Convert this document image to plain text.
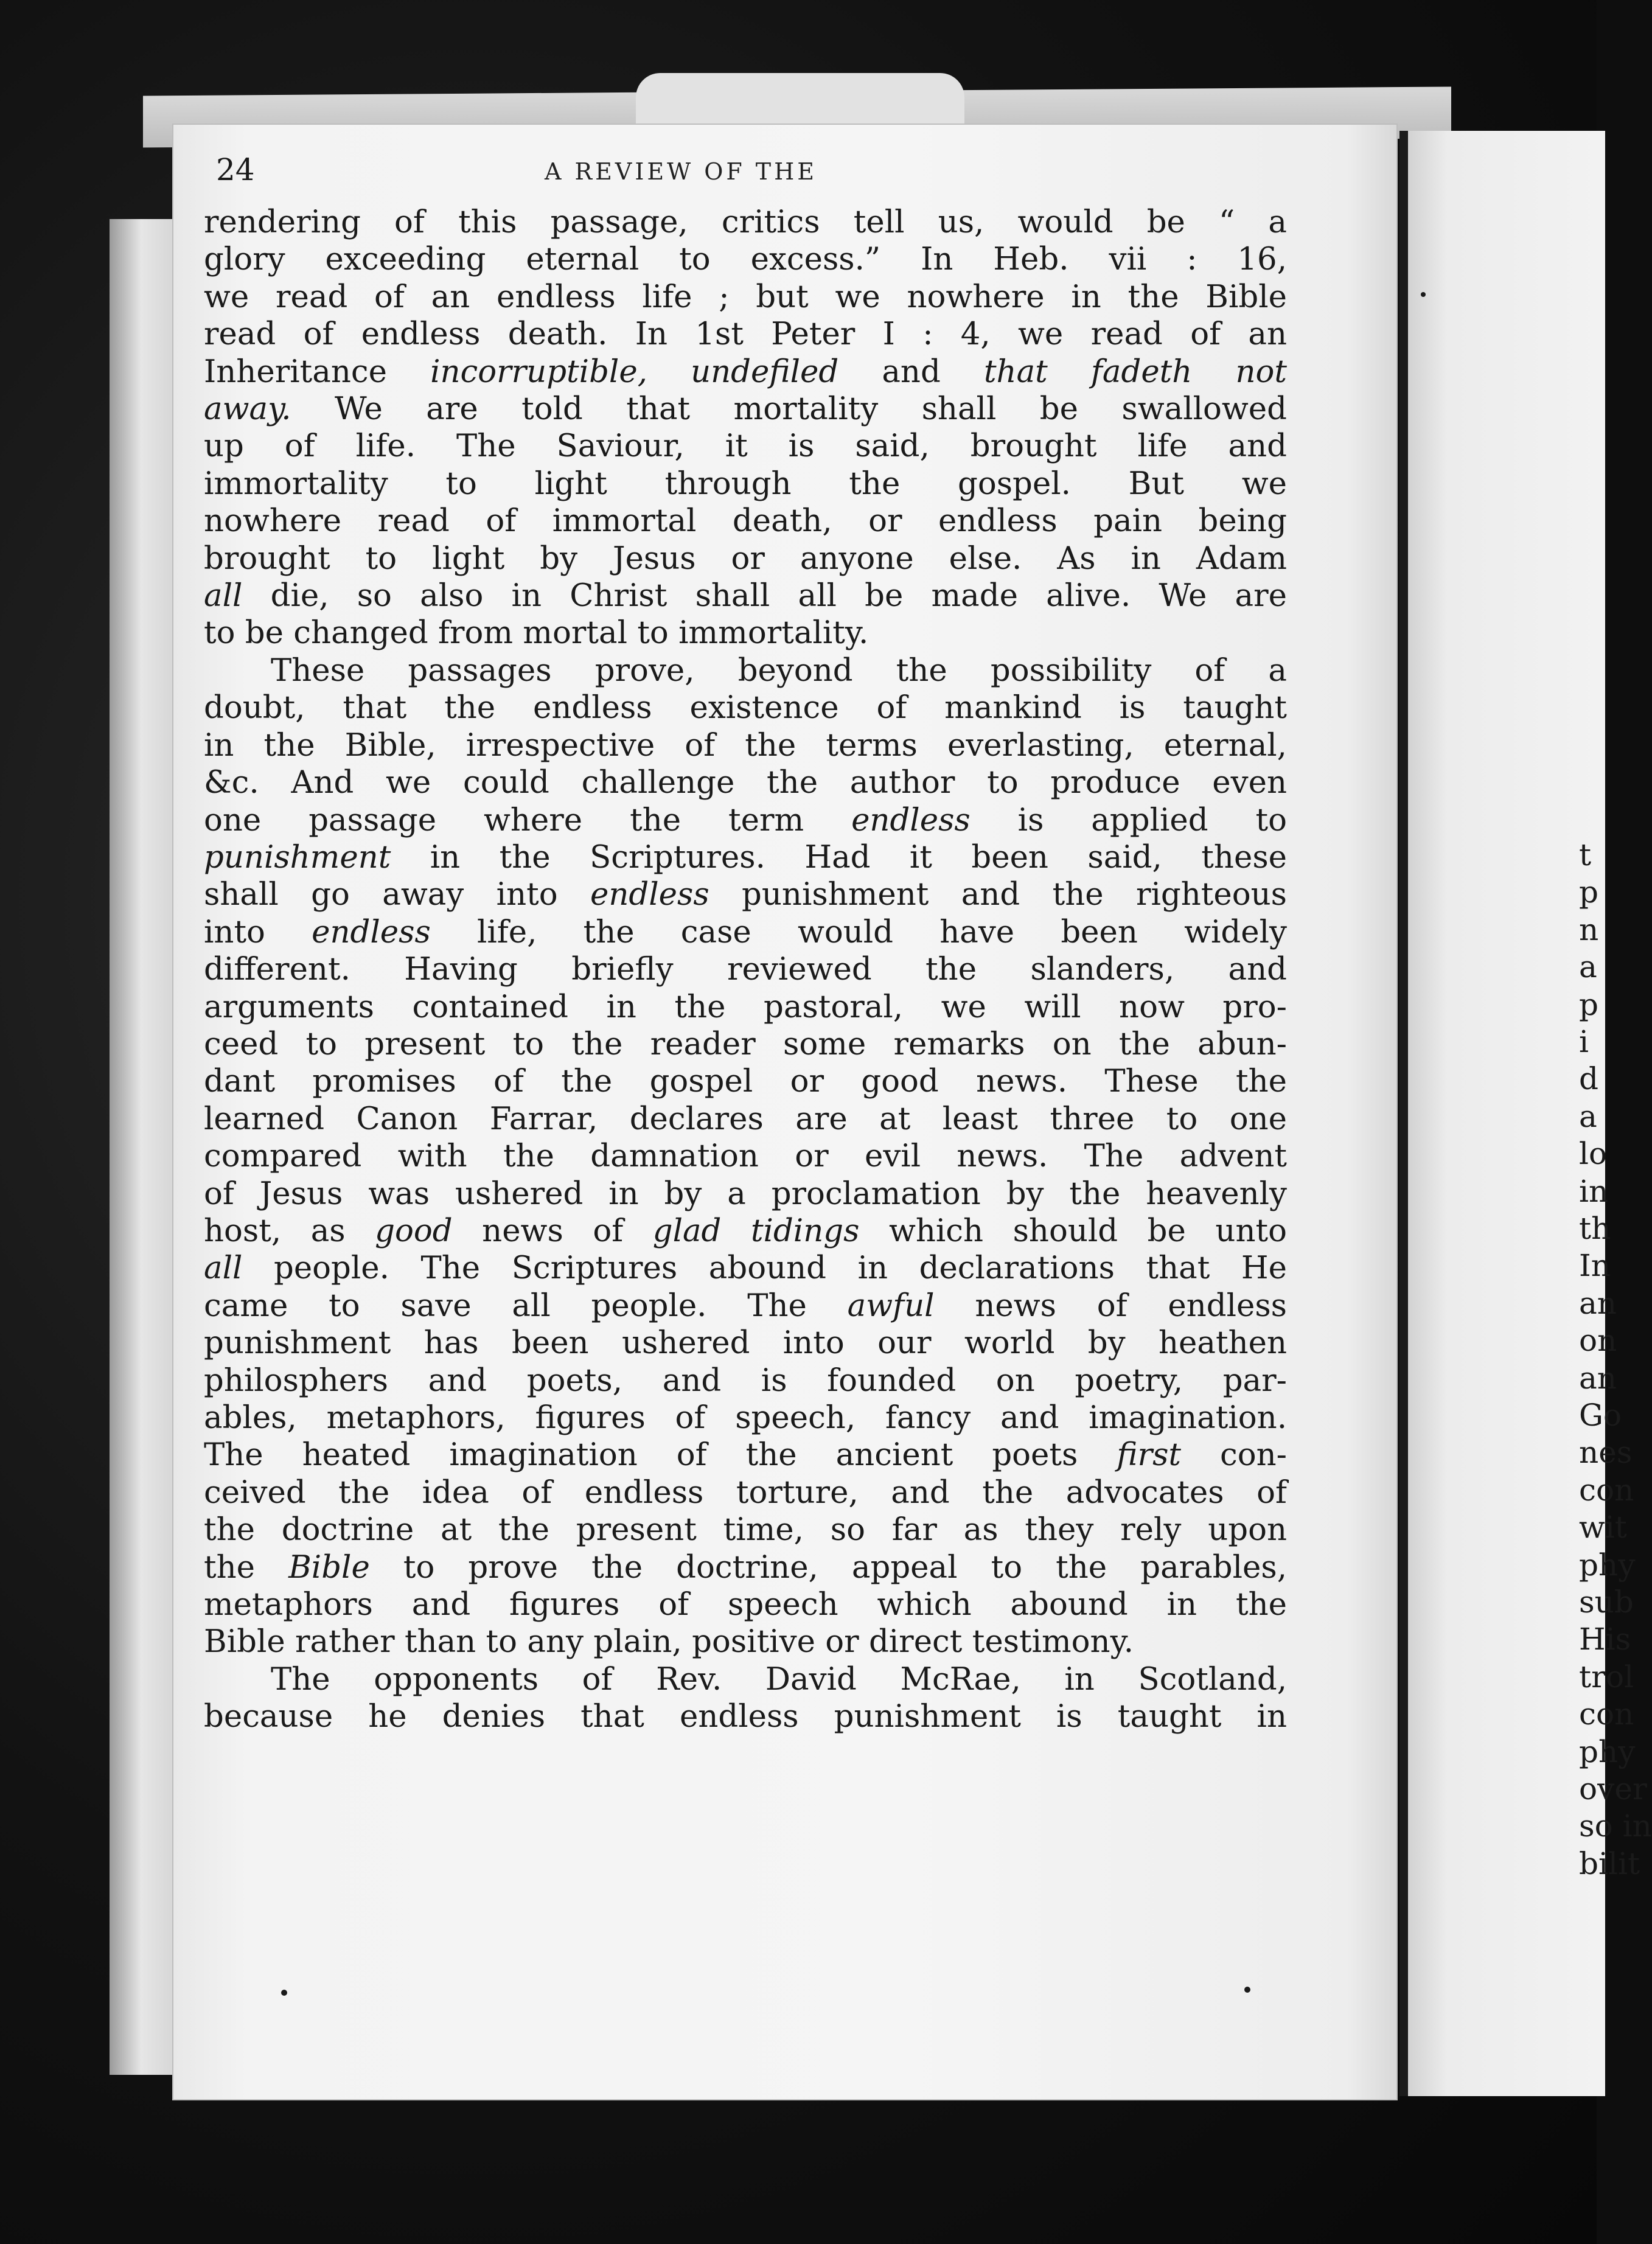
24	A REVIEW OF THE
rendering of this passage, critics tell us, would be “ a
glory exceeding eternal to excess.” In Heb. vii : 16,
we read of an endless life ; but we nowhere in the Bible
read of endless death. In 1st Peter I : 4, we read of an
Inheritance incorruptible, undefiled and that fadeth not
away. We are told that mortality shall be swallowed
up of life. The Saviour, it is said, brought life and
immortality to light through the gospel. But we
nowhere read of immortal death, or endless pain being
brought to light by Jesus or anyone else. As in Adam
all die, so also in Christ shall all be made alive. We are
to be changed from mortal to immortality.
These passages prove, beyond the possibility of a
doubt, that the endless existence of mankind is taught
in the Bible, irrespective of the terms everlasting, eternal,
&c. And we could challenge the author to produce even
one passage where the term endless is applied to
punishment in the Scriptures. Had it been said, these
shall go away into endless punishment and the righteous
into endless life, the case would have been widely
different. Having briefly reviewed the slanders, and
arguments contained in the pastoral, we will now pro-
ceed to present to the reader some remarks on the abun-
dant promises of the gospel or good news. These the
learned Canon Farrar, declares are at least three to one
compared with the damnation or evil news. The advent
of Jesus was ushered in by a proclamation by the heavenly
host, as good news of glad tidings which should be unto
all people. The Scriptures abound in declarations that He
came to save all people. The awful news of endless
punishment has been ushered into our world by heathen
philosphers and poets, and is founded on poetry, par-
ables, metaphors, figures of speech, fancy and imagination.
The heated imagination of the ancient poets first con-
ceived the idea of endless torture, and the advocates of
the doctrine at the present time, so far as they rely upon
the Bible to prove the doctrine, appeal to the parables,
metaphors and figures of speech which abound in the
Bible rather than to any plain, positive or direct testimony.
The opponents of Rev. David McRae, in Scotland,
because he denies that endless punishment is taught in
t
p
n
a
p
i
d
a
lo
in
th
In
an
on
an
Go
nes
con
wit
phy
sub
His
trol
con
phy
over
so in
bilit
